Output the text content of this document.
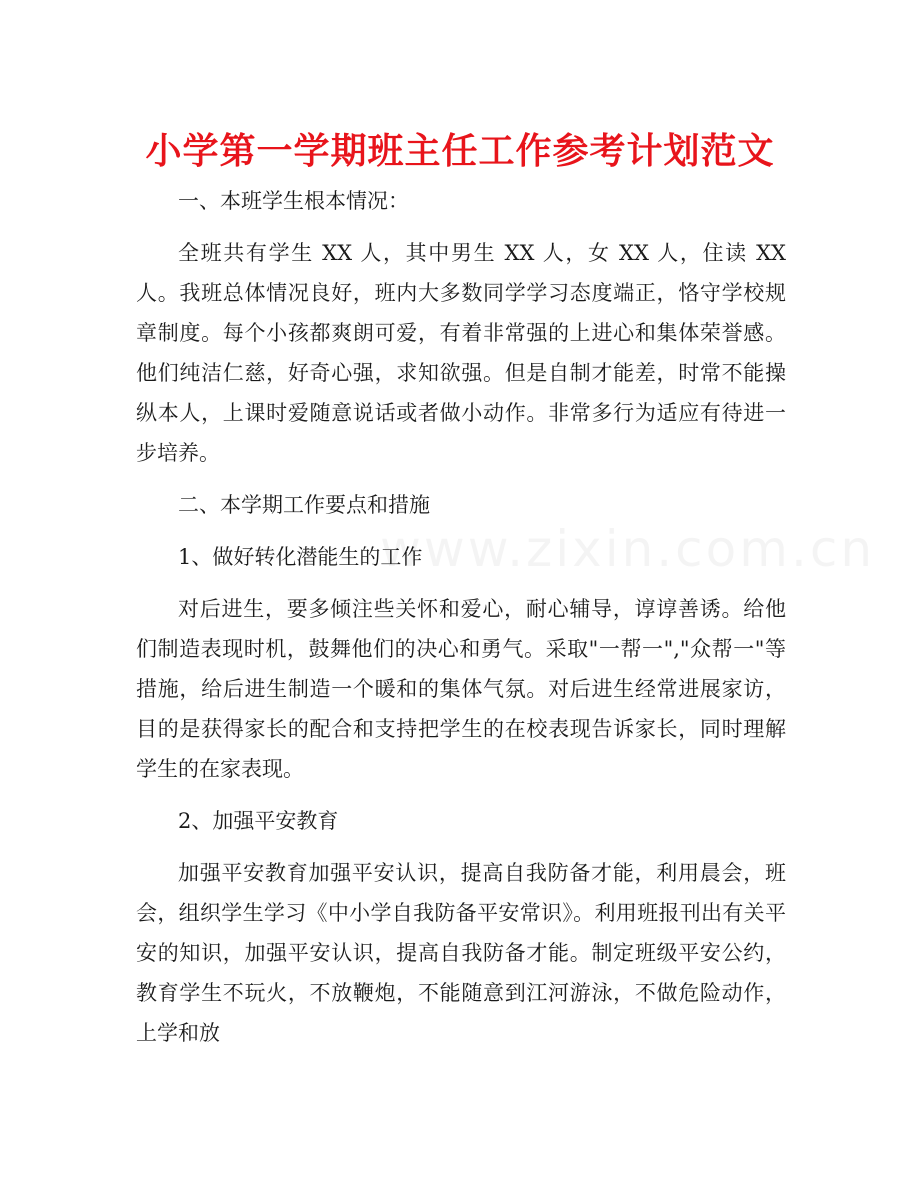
小学第一学期班主任工作参考计划范文

一、本班学生根本情况：

全班共有学生 XX 人，其中男生 XX 人，女 XX 人，住读 XX 人。我班总体情况良好，班内大多数同学学习态度端正，恪守学校规章制度。每个小孩都爽朗可爱，有着非常强的上进心和集体荣誉感。他们纯洁仁慈，好奇心强，求知欲强。但是自制才能差，时常不能操纵本人，上课时爱随意说话或者做小动作。非常多行为适应有待进一步培养。

二、本学期工作要点和措施

1、做好转化潜能生的工作

对后进生，要多倾注些关怀和爱心，耐心辅导，谆谆善诱。给他们制造表现时机，鼓舞他们的决心和勇气。采取"一帮一","众帮一"等措施，给后进生制造一个暖和的集体气氛。对后进生经常进展家访，目的是获得家长的配合和支持把学生的在校表现告诉家长，同时理解学生的在家表现。

2、加强平安教育

加强平安教育加强平安认识，提高自我防备才能，利用晨会，班会，组织学生学习《中小学自我防备平安常识》。利用班报刊出有关平安的知识，加强平安认识，提高自我防备才能。制定班级平安公约，教育学生不玩火，不放鞭炮，不能随意到江河游泳，不做危险动作，上学和放
